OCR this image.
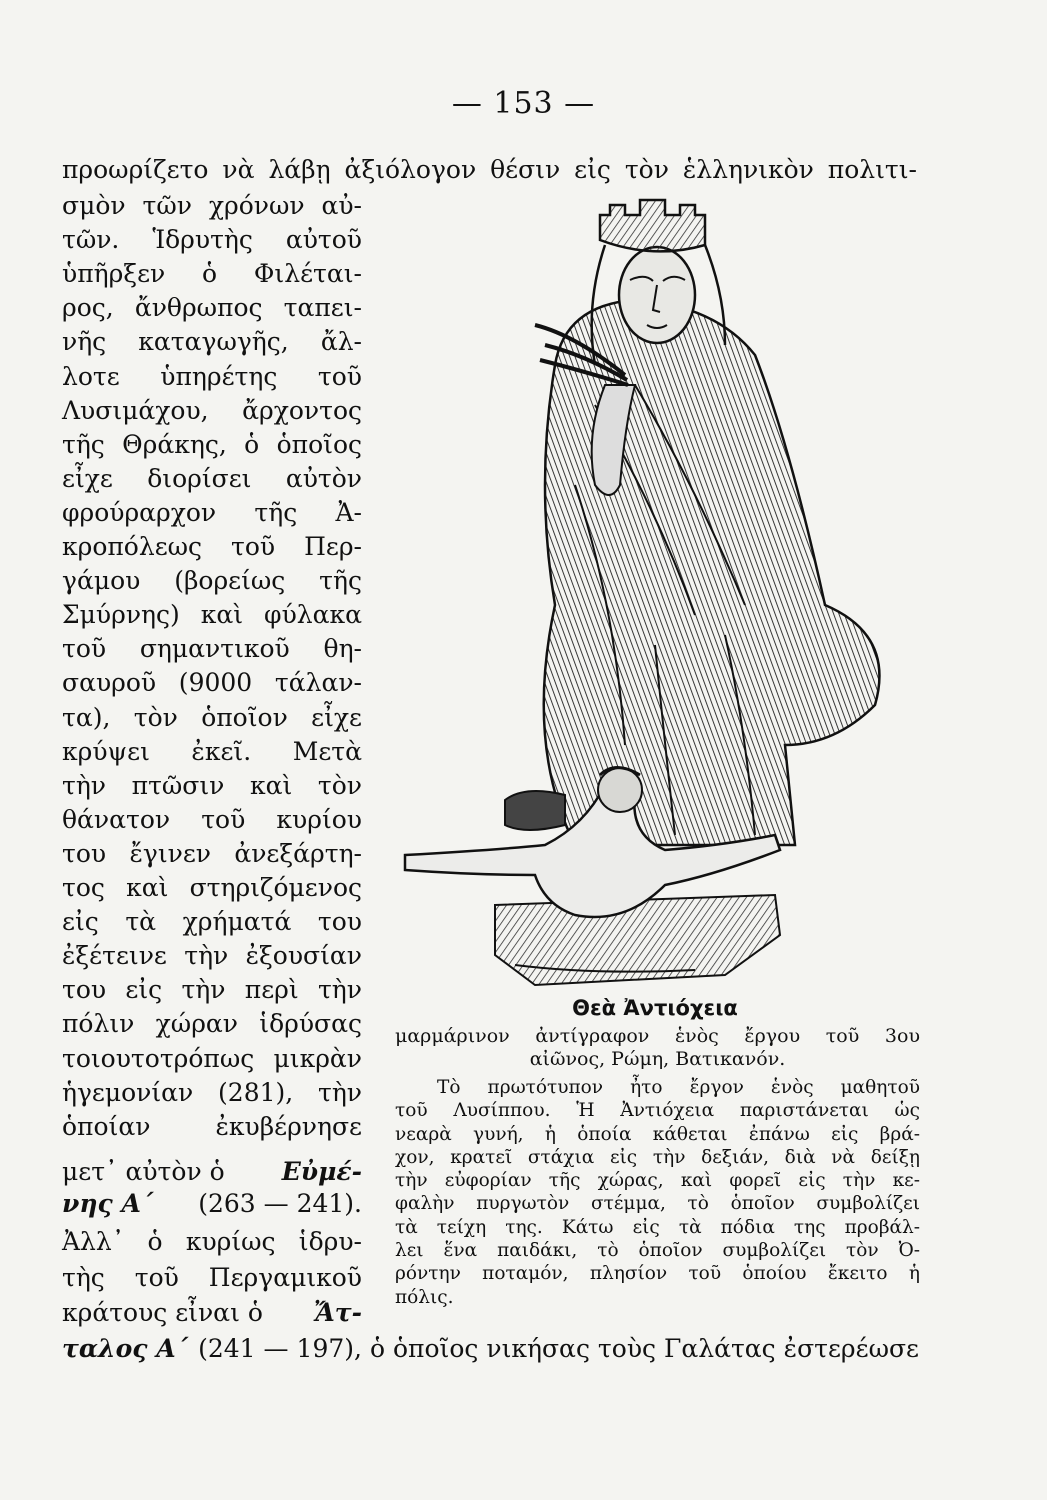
— 153 —
προωρίζετο νὰ λάβῃ ἀξιόλογον θέσιν εἰς τὸν ἑλληνικὸν πολιτι-
σμὸν τῶν χρόνων αὐ-
τῶν. Ἱδρυτὴς αὐτοῦ
ὑπῆρξεν ὁ Φιλέται-
ρος, ἄνθρωπος ταπει-
νῆς καταγωγῆς, ἄλ-
λοτε ὑπηρέτης τοῦ
Λυσιμάχου, ἄρχοντος
τῆς Θράκης, ὁ ὁποῖος
εἶχε διορίσει αὐτὸν
φρούραρχον τῆς Ἀ-
κροπόλεως τοῦ Περ-
γάμου (βορείως τῆς
Σμύρνης) καὶ φύλακα
τοῦ σημαντικοῦ θη-
σαυροῦ (9000 τάλαν-
τα), τὸν ὁποῖον εἶχε
κρύψει ἐκεῖ. Μετὰ
τὴν πτῶσιν καὶ τὸν
θάνατον τοῦ κυρίου
του ἔγινεν ἀνεξάρτη-
τος καὶ στηριζόμενος
εἰς τὰ χρήματά του
ἐξέτεινε τὴν ἐξουσίαν
του εἰς τὴν περὶ τὴν
πόλιν χώραν ἱδρύσας
τοιουτοτρόπως μικρὰν
ἡγεμονίαν (281), τὴν
ὁποίαν ἐκυβέρνησε
μετ᾽ αὐτὸν ὁ Εὐμέ-
νης Α΄ (263 — 241).
Ἀλλ᾽ ὁ κυρίως ἱδρυ-
τὴς τοῦ Περγαμικοῦ
κράτους εἶναι ὁ Ἄτ-
ταλος Α΄ (241 — 197), ὁ ὁποῖος νικήσας τοὺς Γαλάτας ἐστερέωσε
Θεὰ Ἀντιόχεια
μαρμάρινον ἀντίγραφον ἑνὸς ἔργου τοῦ 3ου
αἰῶνος, Ρώμη, Βατικανόν.
Τὸ πρωτότυπον ἦτο ἔργον ἑνὸς μαθητοῦ
τοῦ Λυσίππου. Ἡ Ἀντιόχεια παριστάνεται ὡς
νεαρὰ γυνή, ἡ ὁποία κάθεται ἐπάνω εἰς βρά-
χον, κρατεῖ στάχια εἰς τὴν δεξιάν, διὰ νὰ δείξῃ
τὴν εὐφορίαν τῆς χώρας, καὶ φορεῖ εἰς τὴν κε-
φαλὴν πυργωτὸν στέμμα, τὸ ὁποῖον συμβολίζει
τὰ τείχη της. Κάτω εἰς τὰ πόδια της προβάλ-
λει ἕνα παιδάκι, τὸ ὁποῖον συμβολίζει τὸν Ὀ-
ρόντην ποταμόν, πλησίον τοῦ ὁποίου ἔκειτο ἡ
πόλις.
